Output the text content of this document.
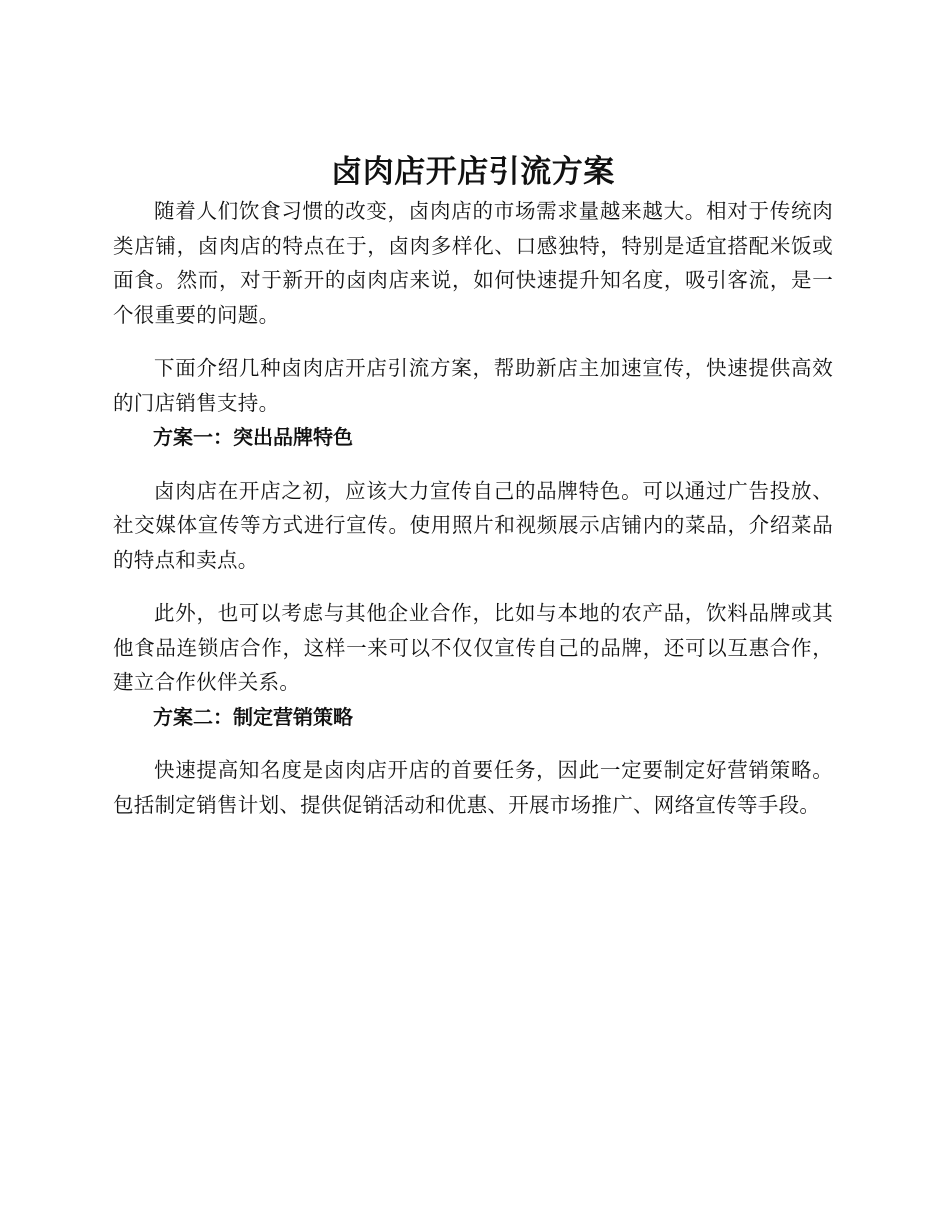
卤肉店开店引流方案

随着人们饮食习惯的改变，卤肉店的市场需求量越来越大。相对于传统肉类店铺，卤肉店的特点在于，卤肉多样化、口感独特，特别是适宜搭配米饭或面食。然而，对于新开的卤肉店来说，如何快速提升知名度，吸引客流，是一个很重要的问题。

下面介绍几种卤肉店开店引流方案，帮助新店主加速宣传，快速提供高效的门店销售支持。

方案一：突出品牌特色

卤肉店在开店之初，应该大力宣传自己的品牌特色。可以通过广告投放、社交媒体宣传等方式进行宣传。使用照片和视频展示店铺内的菜品，介绍菜品的特点和卖点。

此外，也可以考虑与其他企业合作，比如与本地的农产品，饮料品牌或其他食品连锁店合作，这样一来可以不仅仅宣传自己的品牌，还可以互惠合作，建立合作伙伴关系。

方案二：制定营销策略

快速提高知名度是卤肉店开店的首要任务，因此一定要制定好营销策略。包括制定销售计划、提供促销活动和优惠、开展市场推广、网络宣传等手段。
